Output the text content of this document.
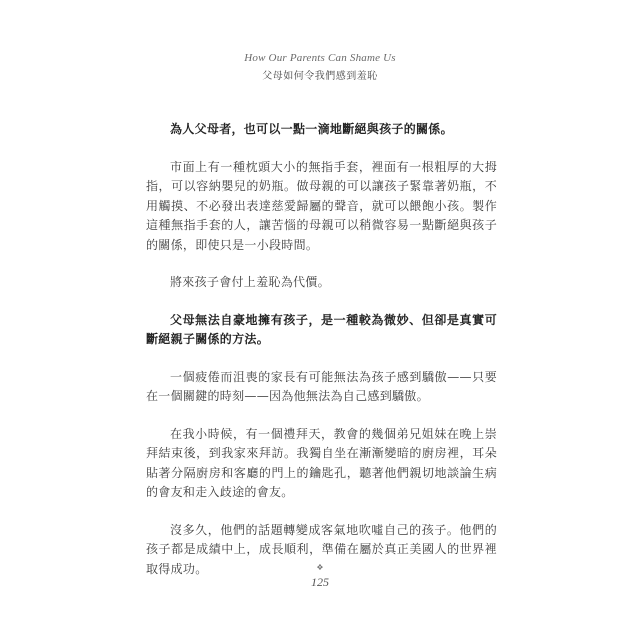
How Our Parents Can Shame Us
父母如何令我們感到羞恥

為人父母者，也可以一點一滴地斷絕與孩子的關係。

市面上有一種枕頭大小的無指手套，裡面有一根粗厚的大拇指，可以容納嬰兒的奶瓶。做母親的可以讓孩子緊靠著奶瓶，不用觸摸、不必發出表達慈愛歸屬的聲音，就可以餵飽小孩。製作這種無指手套的人，讓苦惱的母親可以稍微容易一點斷絕與孩子的關係，即使只是一小段時間。

將來孩子會付上羞恥為代價。

父母無法自豪地擁有孩子，是一種較為微妙、但卻是真實可斷絕親子關係的方法。

一個疲倦而沮喪的家長有可能無法為孩子感到驕傲——只要在一個關鍵的時刻——因為他無法為自己感到驕傲。

在我小時候，有一個禮拜天，教會的幾個弟兄姐妹在晚上崇拜結束後，到我家來拜訪。我獨自坐在漸漸變暗的廚房裡，耳朵貼著分隔廚房和客廳的門上的鑰匙孔，聽著他們親切地談論生病的會友和走入歧途的會友。

沒多久，他們的話題轉變成客氣地吹噓自己的孩子。他們的孩子都是成績中上，成長順利，準備在屬於真正美國人的世界裡取得成功。	❖
125
